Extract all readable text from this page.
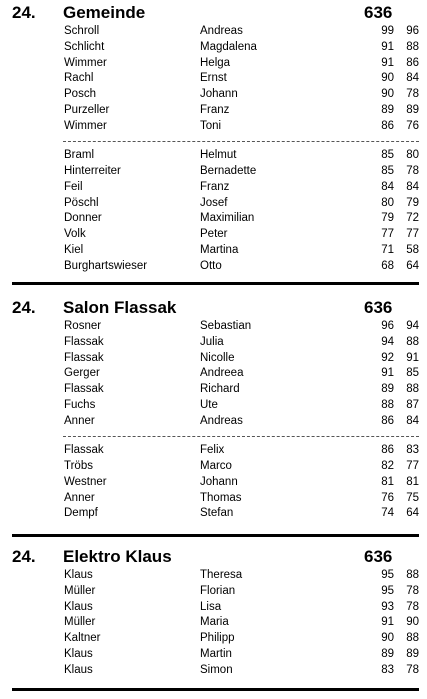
24. Gemeinde	636
Schroll	Andreas	99	96
Schlicht	Magdalena	91	88
Wimmer	Helga	91	86
Rachl	Ernst	90	84
Posch	Johann	90	78
Purzeller	Franz	89	89
Wimmer	Toni	86	76
Braml	Helmut	85	80
Hinterreiter	Bernadette	85	78
Feil	Franz	84	84
Pöschl	Josef	80	79
Donner	Maximilian	79	72
Volk	Peter	77	77
Kiel	Martina	71	58
Burghartswieser	Otto	68	64
24. Salon Flassak	636
Rosner	Sebastian	96	94
Flassak	Julia	94	88
Flassak	Nicolle	92	91
Gerger	Andreea	91	85
Flassak	Richard	89	88
Fuchs	Ute	88	87
Anner	Andreas	86	84
Flassak	Felix	86	83
Tröbs	Marco	82	77
Westner	Johann	81	81
Anner	Thomas	76	75
Dempf	Stefan	74	64
24. Elektro Klaus	636
Klaus	Theresa	95	88
Müller	Florian	95	78
Klaus	Lisa	93	78
Müller	Maria	91	90
Kaltner	Philipp	90	88
Klaus	Martin	89	89
Klaus	Simon	83	78
